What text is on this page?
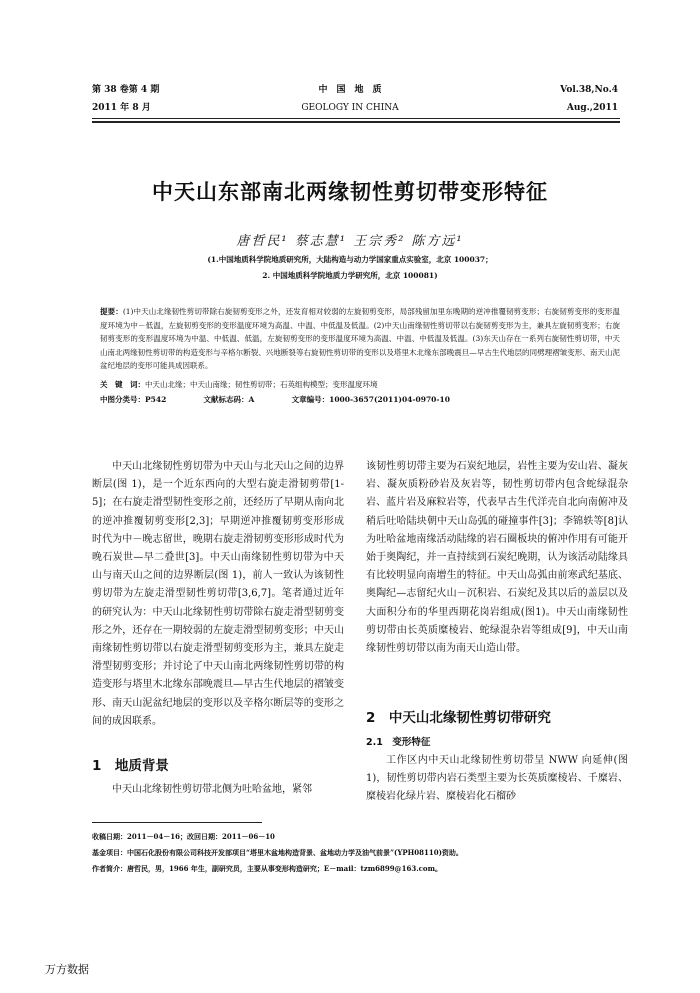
第 38 卷第 4 期
2011 年 8 月
中　国　地　质
GEOLOGY IN CHINA
Vol.38,No.4
Aug.,2011
中天山东部南北两缘韧性剪切带变形特征
唐哲民¹ 蔡志慧¹ 王宗秀² 陈方远¹
(1.中国地质科学院地质研究所，大陆构造与动力学国家重点实验室，北京 100037；
2. 中国地质科学院地质力学研究所，北京 100081)
提要：(1)中天山北缘韧性剪切带除右旋韧剪变形之外，还发育相对较弱的左旋韧剪变形，局部残留加里东晚期的逆冲推覆韧剪变形；右旋韧剪变形的变形温度环境为中－低温，左旋韧剪变形的变形温度环境为高温、中温、中低温及低温。(2)中天山南缘韧性剪切带以右旋韧剪变形为主，兼具左旋韧剪变形；右旋韧剪变形的变形温度环境为中温、中低温、低温，左旋韧剪变形的变形温度环境为高温、中温、中低温及低温。(3)东天山存在一系列右旋韧性剪切带，中天山南北两缘韧性剪切带的构造变形与辛格尔断裂、兴地断裂等右旋韧性剪切带的变形以及塔里木北缘东部晚震旦—早古生代地层的同劈理褶皱变形、南天山泥盆纪地层的变形可能具成因联系。
关　键　词：中天山北缘；中天山南缘；韧性剪切带；石英组构模型；变形温度环境
中图分类号：P542	文献标志码：A	文章编号：1000-3657(2011)04-0970-10

中天山北缘韧性剪切带为中天山与北天山之间的边界断层(图 1)，是一个近东西向的大型右旋走滑韧剪带[1-5]；在右旋走滑型韧性变形之前，还经历了早期从南向北的逆冲推覆韧剪变形[2,3]；早期逆冲推覆韧剪变形形成时代为中－晚志留世，晚期右旋走滑韧剪变形形成时代为晚石炭世—早二叠世[3]。中天山南缘韧性剪切带为中天山与南天山之间的边界断层(图 1)，前人一致认为该韧性剪切带为左旋走滑型韧性剪切带[3,6,7]。笔者通过近年的研究认为：中天山北缘韧性剪切带除右旋走滑型韧剪变形之外，还存在一期较弱的左旋走滑型韧剪变形；中天山南缘韧性剪切带以右旋走滑型韧剪变形为主，兼具左旋走滑型韧剪变形；并讨论了中天山南北两缘韧性剪切带的构造变形与塔里木北缘东部晚震旦—早古生代地层的褶皱变形、南天山泥盆纪地层的变形以及辛格尔断层等的变形之间的成因联系。

1　地质背景

中天山北缘韧性剪切带北侧为吐哈盆地，紧邻

该韧性剪切带主要为石炭纪地层，岩性主要为安山岩、凝灰岩、凝灰质粉砂岩及灰岩等，韧性剪切带内包含蛇绿混杂岩、蓝片岩及麻粒岩等，代表早古生代洋壳自北向南俯冲及稍后吐哈陆块朝中天山岛弧的碰撞事件[3]；李锦轶等[8]认为吐哈盆地南缘活动陆缘的岩石圈板块的俯冲作用有可能开始于奥陶纪，并一直持续到石炭纪晚期，认为该活动陆缘具有比较明显向南增生的特征。中天山岛弧由前寒武纪基底、奥陶纪—志留纪火山－沉积岩、石炭纪及其以后的盖层以及大面积分布的华里西期花岗岩组成(图1)。中天山南缘韧性剪切带由长英质糜棱岩、蛇绿混杂岩等组成[9]，中天山南缘韧性剪切带以南为南天山造山带。

2　中天山北缘韧性剪切带研究
2.1　变形特征

工作区内中天山北缘韧性剪切带呈 NWW 向延伸(图 1)，韧性剪切带内岩石类型主要为长英质糜棱岩、千糜岩、糜棱岩化绿片岩、糜棱岩化石榴砂

收稿日期：2011－04－16；改回日期：2011－06－10
基金项目：中国石化股份有限公司科技开发部项目“塔里木盆地构造背景、盆地动力学及油气前景”(YPH08110)资助。
作者简介：唐哲民，男，1966 年生，副研究员，主要从事变形构造研究；E－mail：tzm6899@163.com。
万方数据
